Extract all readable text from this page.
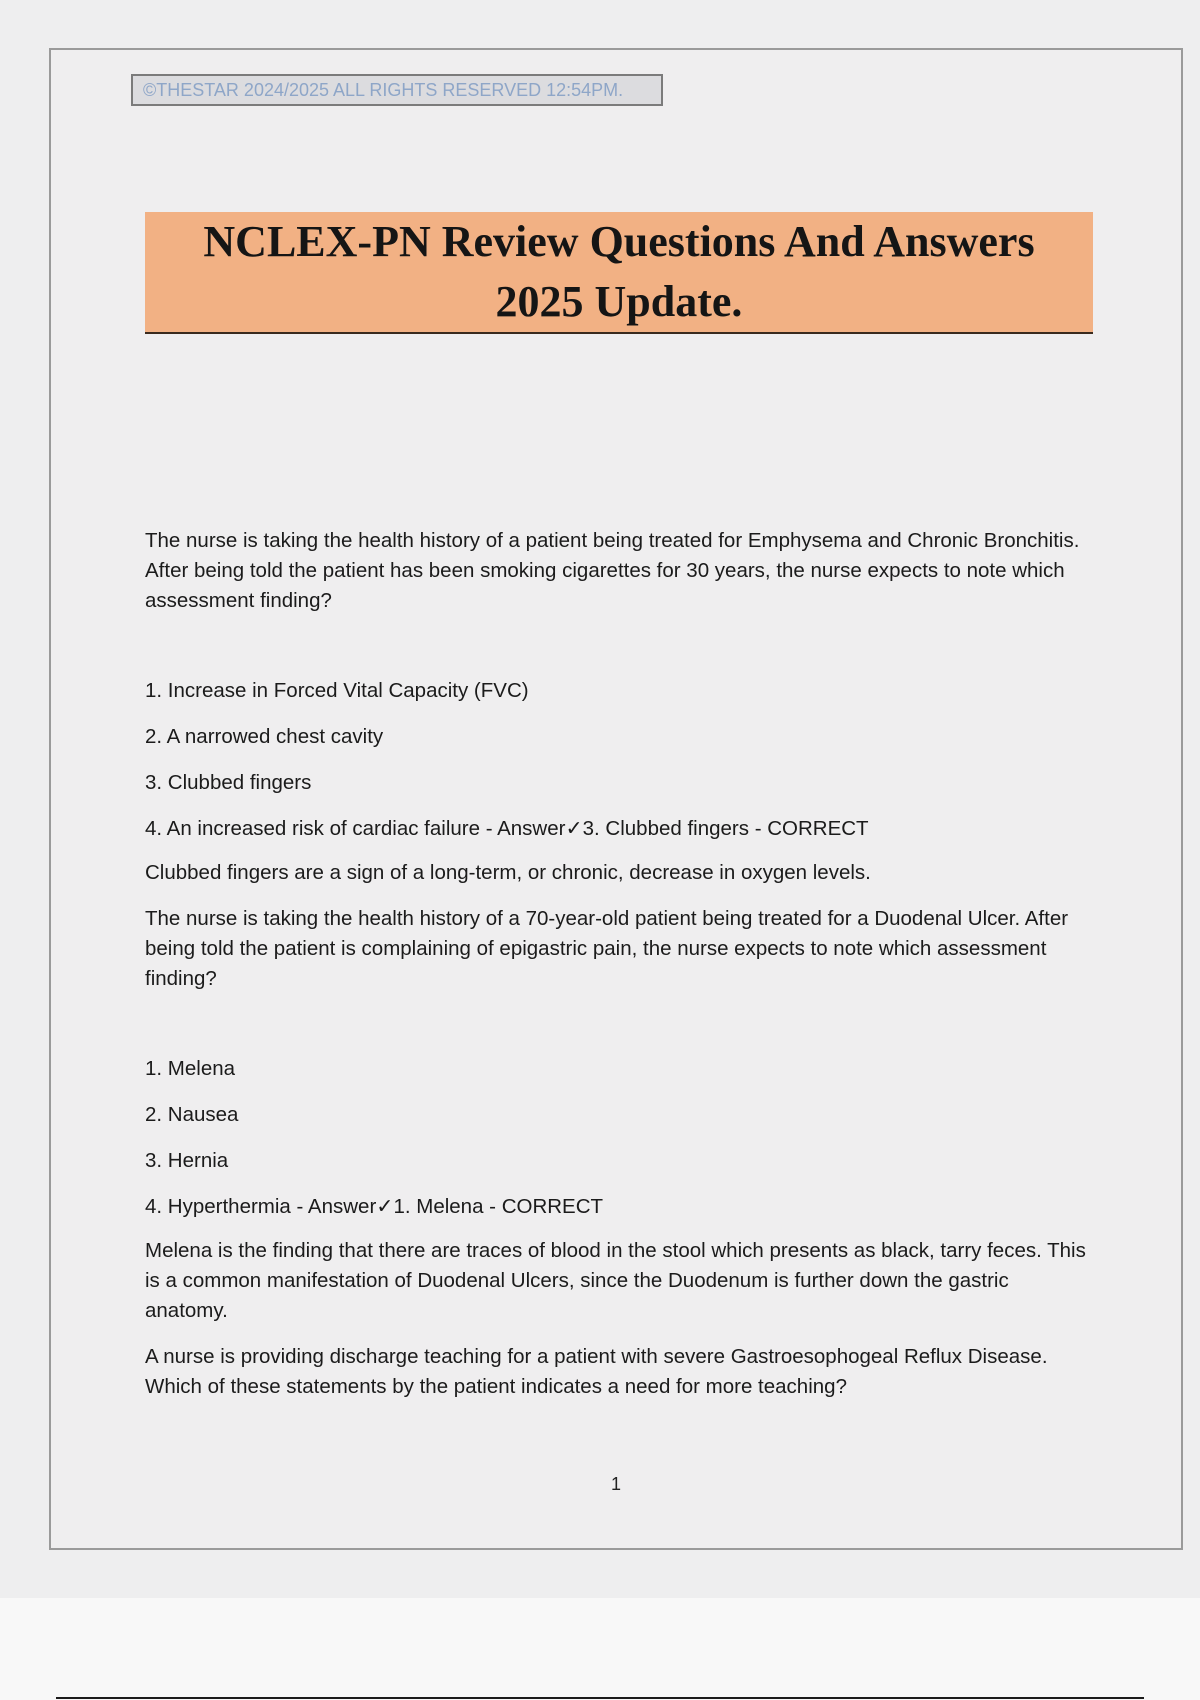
©THESTAR 2024/2025 ALL RIGHTS RESERVED 12:54PM.
NCLEX-PN Review Questions And Answers
2025 Update.

The nurse is taking the health history of a patient being treated for Emphysema and Chronic Bronchitis. After being told the patient has been smoking cigarettes for 30 years, the nurse expects to note which assessment finding?

1. Increase in Forced Vital Capacity (FVC)

2. A narrowed chest cavity

3. Clubbed fingers

4. An increased risk of cardiac failure - Answer✓3. Clubbed fingers - CORRECT

Clubbed fingers are a sign of a long-term, or chronic, decrease in oxygen levels.

The nurse is taking the health history of a 70-year-old patient being treated for a Duodenal Ulcer. After being told the patient is complaining of epigastric pain, the nurse expects to note which assessment finding?

1. Melena

2. Nausea

3. Hernia

4. Hyperthermia - Answer✓1. Melena - CORRECT

Melena is the finding that there are traces of blood in the stool which presents as black, tarry feces. This is a common manifestation of Duodenal Ulcers, since the Duodenum is further down the gastric anatomy.

A nurse is providing discharge teaching for a patient with severe Gastroesophogeal Reflux Disease. Which of these statements by the patient indicates a need for more teaching?

1
